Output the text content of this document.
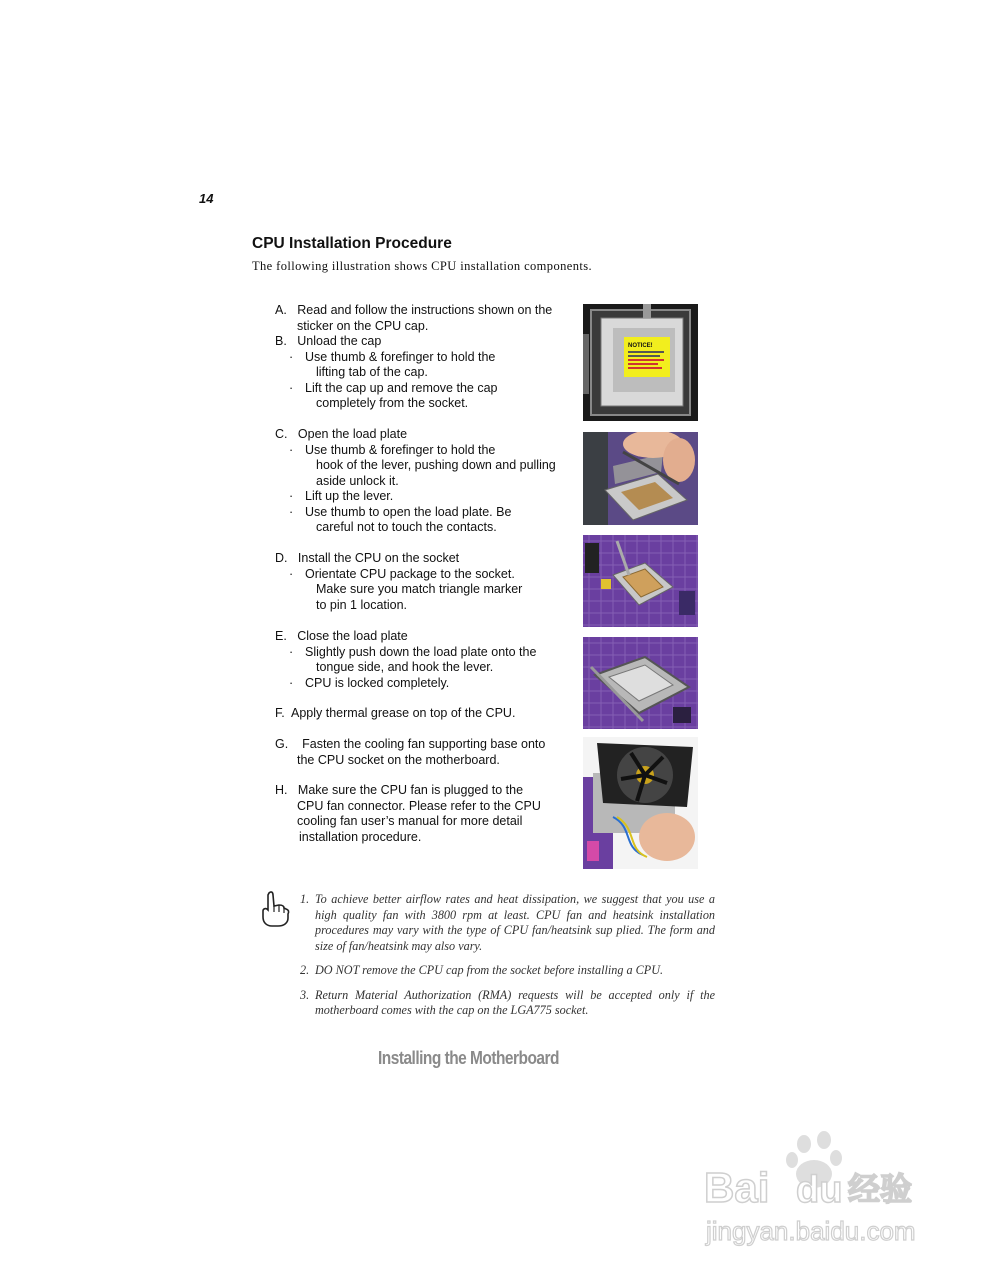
14
CPU Installation Procedure
The following illustration shows CPU installation components.
A. Read and follow the instructions shown on the
sticker on the CPU cap.
B. Unload the cap
· Use thumb & forefinger to hold the
lifting tab of the cap.
· Lift the cap up and remove the cap
completely from the socket.
C. Open the load plate
· Use thumb & forefinger to hold the
hook of the lever, pushing down and pulling
aside unlock it.
· Lift up the lever.
· Use thumb to open the load plate. Be
careful not to touch the contacts.
D. Install the CPU on the socket
· Orientate CPU package to the socket.
Make sure you match triangle marker
to pin 1 location.
E. Close the load plate
· Slightly push down the load plate onto the
tongue side, and hook the lever.
· CPU is locked completely.
F. Apply thermal grease on top of the CPU.
G. Fasten the cooling fan supporting base onto
the CPU socket on the motherboard.
H. Make sure the CPU fan is plugged to the
CPU fan connector. Please refer to the CPU
cooling fan user’s manual for more detail
installation procedure.
NOTICE!
1. To achieve better airflow rates and heat dissipation, we suggest that you use a high quality fan with 3800 rpm at least. CPU fan and heatsink installation procedures may vary with the type of CPU fan/heatsink sup plied. The form and size of fan/heatsink may also vary.
2. DO NOT remove the CPU cap from the socket before installing a CPU.
3. Return Material Authorization (RMA) requests will be accepted only if the motherboard comes with the cap on the LGA775 socket.
Installing the Motherboard
Bai du 经验
jingyan.baidu.com
